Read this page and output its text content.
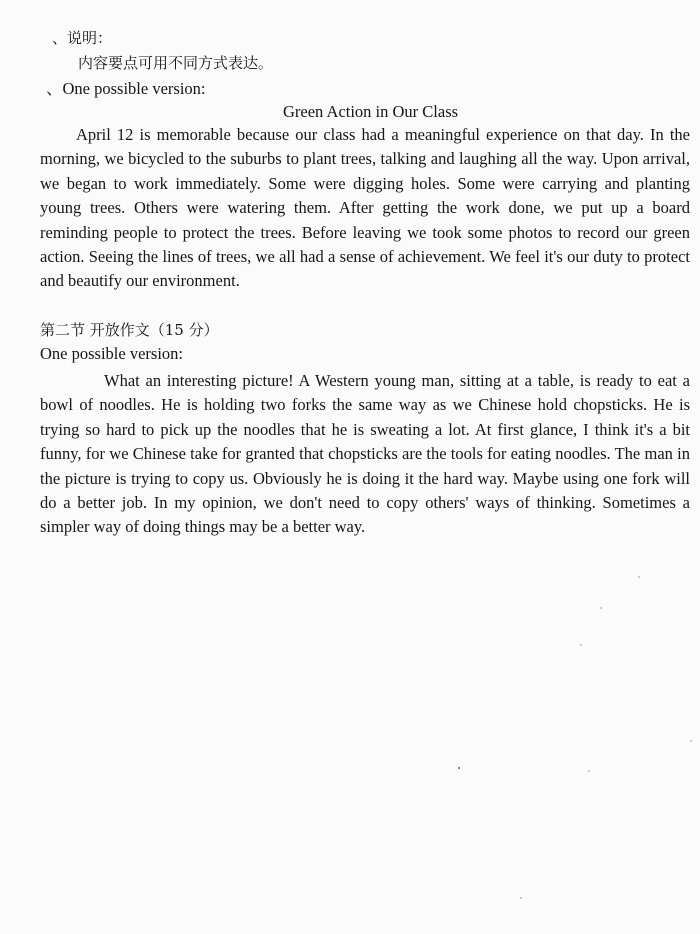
、说明：
内容要点可用不同方式表达。
、One possible version:
Green Action in Our Class

April 12 is memorable because our class had a meaningful experience on that day. In the morning, we bicycled to the suburbs to plant trees, talking and laughing all the way. Upon arrival, we began to work immediately. Some were digging holes. Some were carrying and planting young trees. Others were watering them. After getting the work done, we put up a board reminding people to protect the trees. Before leaving we took some photos to record our green action. Seeing the lines of trees, we all had a sense of achievement. We feel it's our duty to protect and beautify our environment.

第二节 开放作文（15 分）
One possible version:

What an interesting picture! A Western young man, sitting at a table, is ready to eat a bowl of noodles. He is holding two forks the same way as we Chinese hold chopsticks. He is trying so hard to pick up the noodles that he is sweating a lot. At first glance, I think it's a bit funny, for we Chinese take for granted that chopsticks are the tools for eating noodles. The man in the picture is trying to copy us. Obviously he is doing it the hard way. Maybe using one fork will do a better job. In my opinion, we don't need to copy others' ways of thinking. Sometimes a simpler way of doing things may be a better way.
